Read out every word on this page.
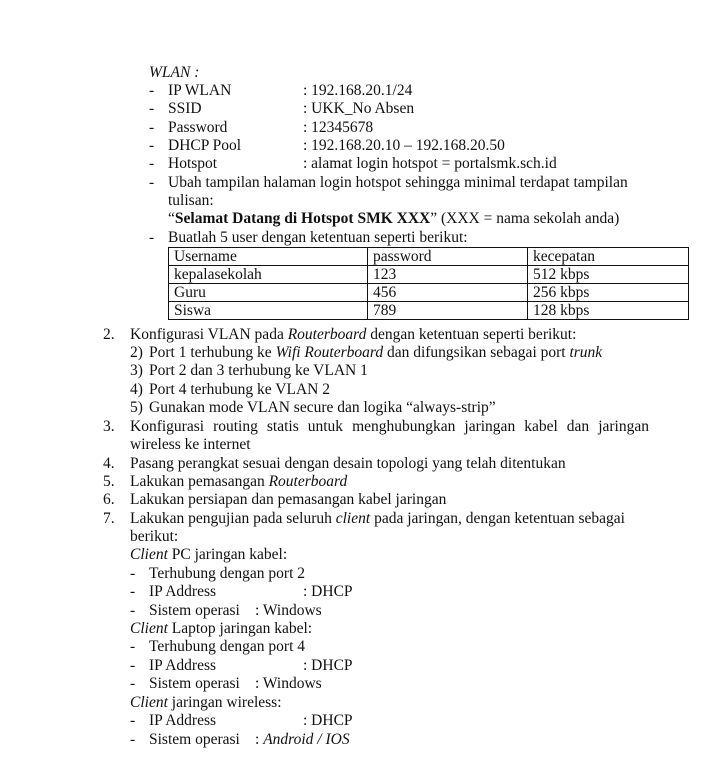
WLAN :
- IP WLAN	: 192.168.20.1/24
- SSID	: UKK_No Absen
- Password	: 12345678
- DHCP Pool	: 192.168.20.10 – 192.168.20.50
- Hotspot	: alamat login hotspot = portalsmk.sch.id
- Ubah tampilan halaman login hotspot sehingga minimal terdapat tampilan
tulisan:
“Selamat Datang di Hotspot SMK XXX” (XXX = nama sekolah anda)
- Buatlah 5 user dengan ketentuan seperti berikut:
Username	password	kecepatan
kepalasekolah	123	512 kbps
Guru	456	256 kbps
Siswa	789	128 kbps
2. Konfigurasi VLAN pada Routerboard dengan ketentuan seperti berikut:
2) Port 1 terhubung ke Wifi Routerboard dan difungsikan sebagai port trunk
3) Port 2 dan 3 terhubung ke VLAN 1
4) Port 4 terhubung ke VLAN 2
5) Gunakan mode VLAN secure dan logika “always-strip”
3. Konfigurasi routing statis untuk menghubungkan jaringan kabel dan jaringan
wireless ke internet
4. Pasang perangkat sesuai dengan desain topologi yang telah ditentukan
5. Lakukan pemasangan Routerboard
6. Lakukan persiapan dan pemasangan kabel jaringan
7. Lakukan pengujian pada seluruh client pada jaringan, dengan ketentuan sebagai
berikut:
Client PC jaringan kabel:
- Terhubung dengan port 2
- IP Address	: DHCP
- Sistem operasi : Windows
Client Laptop jaringan kabel:
- Terhubung dengan port 4
- IP Address	: DHCP
- Sistem operasi : Windows
Client jaringan wireless:
- IP Address	: DHCP
- Sistem operasi : Android / IOS
